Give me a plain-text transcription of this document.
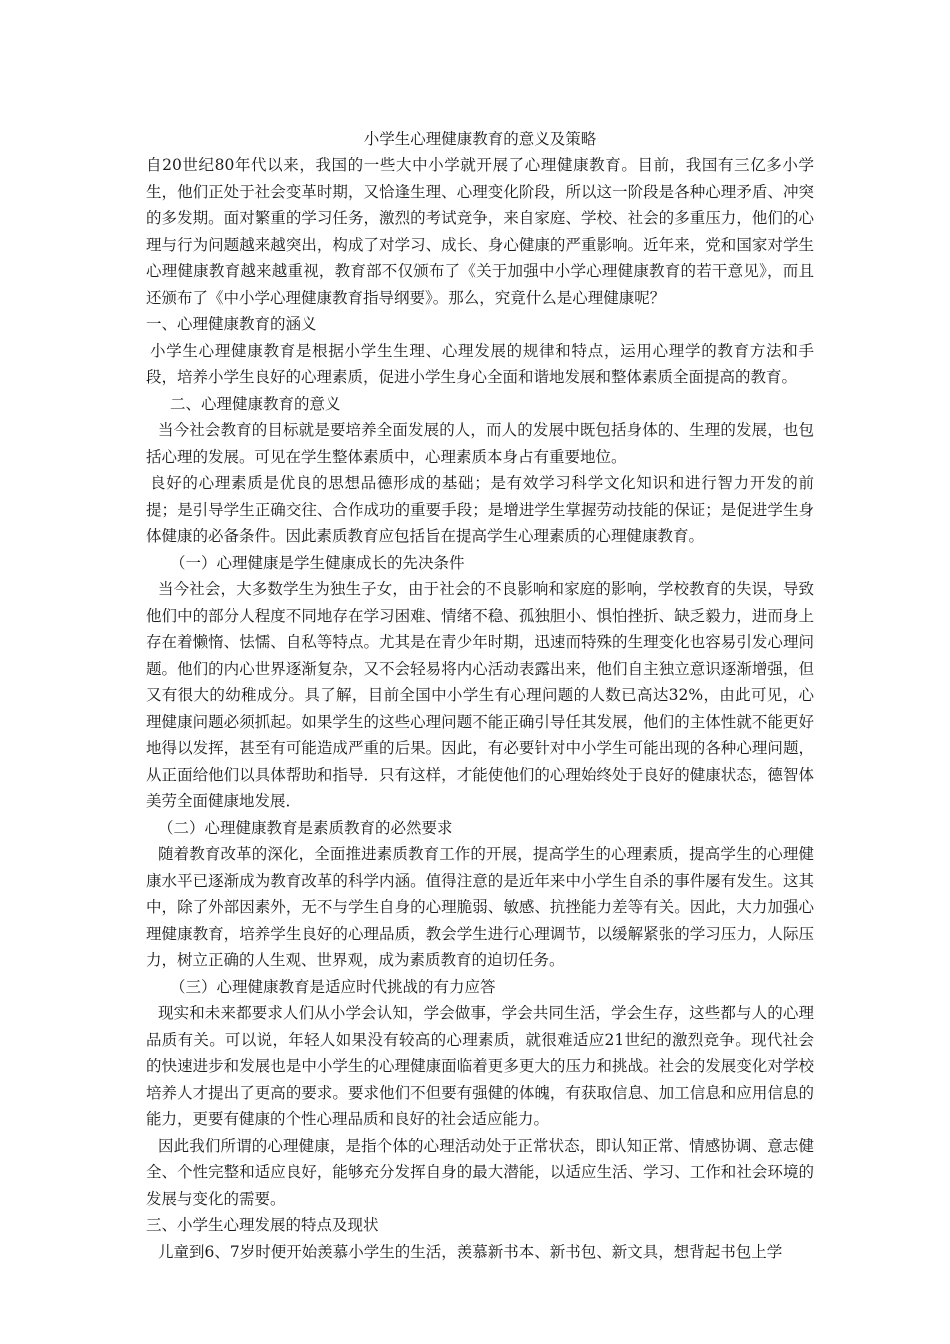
小学生心理健康教育的意义及策略

自20世纪80年代以来，我国的一些大中小学就开展了心理健康教育。目前，我国有三亿多小学生，他们正处于社会变革时期，又恰逢生理、心理变化阶段，所以这一阶段是各种心理矛盾、冲突的多发期。面对繁重的学习任务，激烈的考试竞争，来自家庭、学校、社会的多重压力，他们的心理与行为问题越来越突出，构成了对学习、成长、身心健康的严重影响。近年来，党和国家对学生心理健康教育越来越重视，教育部不仅颁布了《关于加强中小学心理健康教育的若干意见》，而且还颁布了《中小学心理健康教育指导纲要》。那么，究竟什么是心理健康呢？

一、心理健康教育的涵义

小学生心理健康教育是根据小学生生理、心理发展的规律和特点，运用心理学的教育方法和手段，培养小学生良好的心理素质，促进小学生身心全面和谐地发展和整体素质全面提高的教育。

二、心理健康教育的意义

当今社会教育的目标就是要培养全面发展的人，而人的发展中既包括身体的、生理的发展，也包括心理的发展。可见在学生整体素质中，心理素质本身占有重要地位。

良好的心理素质是优良的思想品德形成的基础；是有效学习科学文化知识和进行智力开发的前提；是引导学生正确交往、合作成功的重要手段；是增进学生掌握劳动技能的保证；是促进学生身体健康的必备条件。因此素质教育应包括旨在提高学生心理素质的心理健康教育。

（一）心理健康是学生健康成长的先决条件

当今社会，大多数学生为独生子女，由于社会的不良影响和家庭的影响，学校教育的失误，导致他们中的部分人程度不同地存在学习困难、情绪不稳、孤独胆小、惧怕挫折、缺乏毅力，进而身上存在着懒惰、怯懦、自私等特点。尤其是在青少年时期，迅速而特殊的生理变化也容易引发心理问题。他们的内心世界逐渐复杂，又不会轻易将内心活动表露出来，他们自主独立意识逐渐增强，但又有很大的幼稚成分。具了解，目前全国中小学生有心理问题的人数已高达32%，由此可见，心理健康问题必须抓起。如果学生的这些心理问题不能正确引导任其发展，他们的主体性就不能更好地得以发挥，甚至有可能造成严重的后果。因此，有必要针对中小学生可能出现的各种心理问题，从正面给他们以具体帮助和指导．只有这样，才能使他们的心理始终处于良好的健康状态，德智体美劳全面健康地发展．

（二）心理健康教育是素质教育的必然要求

随着教育改革的深化，全面推进素质教育工作的开展，提高学生的心理素质，提高学生的心理健康水平已逐渐成为教育改革的科学内涵。值得注意的是近年来中小学生自杀的事件屡有发生。这其中，除了外部因素外，无不与学生自身的心理脆弱、敏感、抗挫能力差等有关。因此，大力加强心理健康教育，培养学生良好的心理品质，教会学生进行心理调节，以缓解紧张的学习压力，人际压力，树立正确的人生观、世界观，成为素质教育的迫切任务。

（三）心理健康教育是适应时代挑战的有力应答

现实和未来都要求人们从小学会认知，学会做事，学会共同生活，学会生存，这些都与人的心理品质有关。可以说，年轻人如果没有较高的心理素质，就很难适应21世纪的激烈竞争。现代社会的快速进步和发展也是中小学生的心理健康面临着更多更大的压力和挑战。社会的发展变化对学校培养人才提出了更高的要求。要求他们不但要有强健的体魄，有获取信息、加工信息和应用信息的能力，更要有健康的个性心理品质和良好的社会适应能力。

因此我们所谓的心理健康，是指个体的心理活动处于正常状态，即认知正常、情感协调、意志健全、个性完整和适应良好，能够充分发挥自身的最大潜能，以适应生活、学习、工作和社会环境的发展与变化的需要。

三、小学生心理发展的特点及现状

儿童到6、7岁时便开始羡慕小学生的生活，羡慕新书本、新书包、新文具，想背起书包上学
